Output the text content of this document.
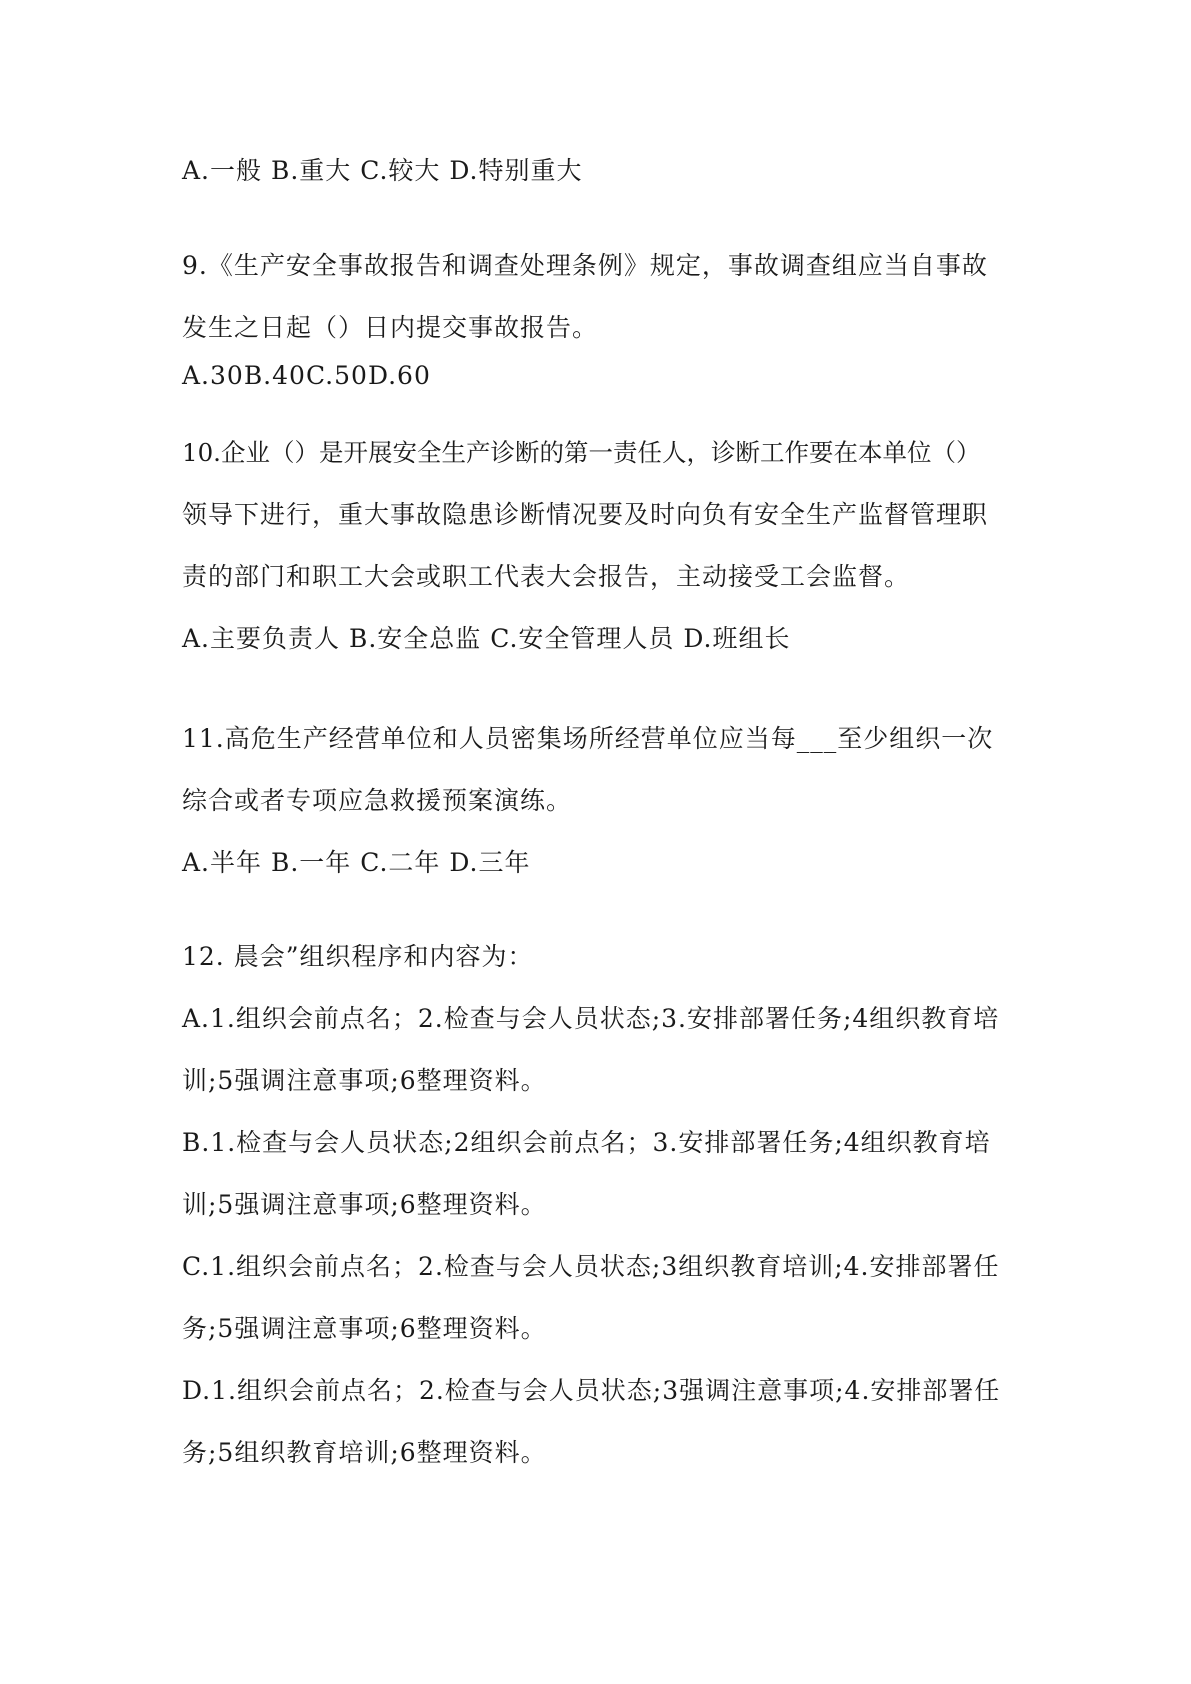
A.一般 B.重大 C.较大 D.特别重大
9.《生产安全事故报告和调查处理条例》规定，事故调查组应当自事故
发生之日起（）日内提交事故报告。
A.30B.40C.50D.60
10.企业（）是开展安全生产诊断的第一责任人，诊断工作要在本单位（）
领导下进行，重大事故隐患诊断情况要及时向负有安全生产监督管理职
责的部门和职工大会或职工代表大会报告，主动接受工会监督。
A.主要负责人 B.安全总监 C.安全管理人员 D.班组长
11.高危生产经营单位和人员密集场所经营单位应当每___至少组织一次
综合或者专项应急救援预案演练。
A.半年 B.一年 C.二年 D.三年
12. 晨会”组织程序和内容为：
A.1.组织会前点名；2.检查与会人员状态;3.安排部署任务;4组织教育培
训;5强调注意事项;6整理资料。
B.1.检查与会人员状态;2组织会前点名；3.安排部署任务;4组织教育培
训;5强调注意事项;6整理资料。
C.1.组织会前点名；2.检查与会人员状态;3组织教育培训;4.安排部署任
务;5强调注意事项;6整理资料。
D.1.组织会前点名；2.检查与会人员状态;3强调注意事项;4.安排部署任
务;5组织教育培训;6整理资料。
